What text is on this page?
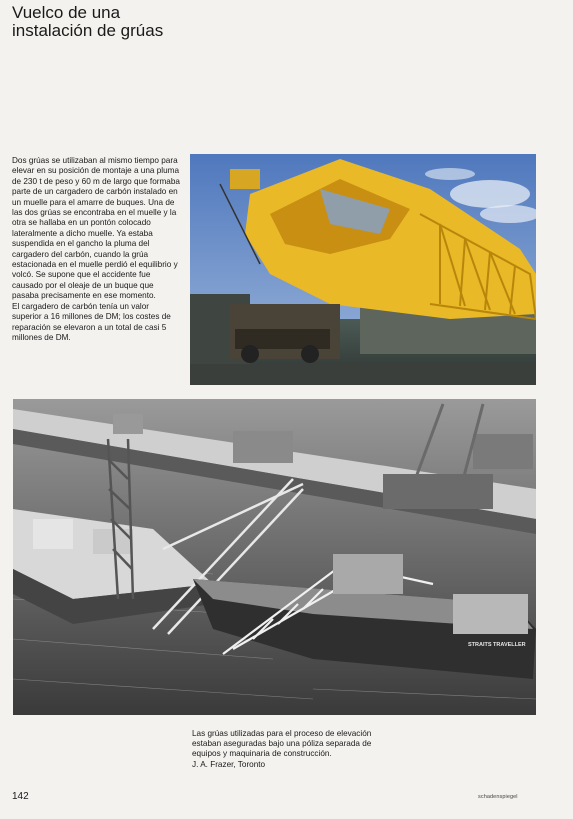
Vuelco de una
instalación de grúas

Dos grúas se utilizaban al mismo tiempo para elevar en su posición de montaje a una pluma de 230 t de peso y 60 m de largo que formaba parte de un cargadero de carbón instalado en un muelle para el amarre de buques. Una de las dos grúas se encontraba en el muelle y la otra se hallaba en un pontón colocado lateralmente a dicho muelle. Ya estaba suspendida en el gancho la pluma del cargadero del carbón, cuando la grúa estacionada en el muelle perdió el equilibrio y volcó. Se supone que el accidente fue causado por el oleaje de un buque que pasaba precisamente en ese momento.

El cargadero de carbón tenía un valor superior a 16 millones de DM; los costes de reparación se elevaron a un total de casi 5 millones de DM.

STRAITS TRAVELLER

Las grúas utilizadas para el proceso de elevación estaban aseguradas bajo una póliza separada de equipos y maquinaria de construcción.

J. A. Frazer, Toronto

142	schadenspiegel
